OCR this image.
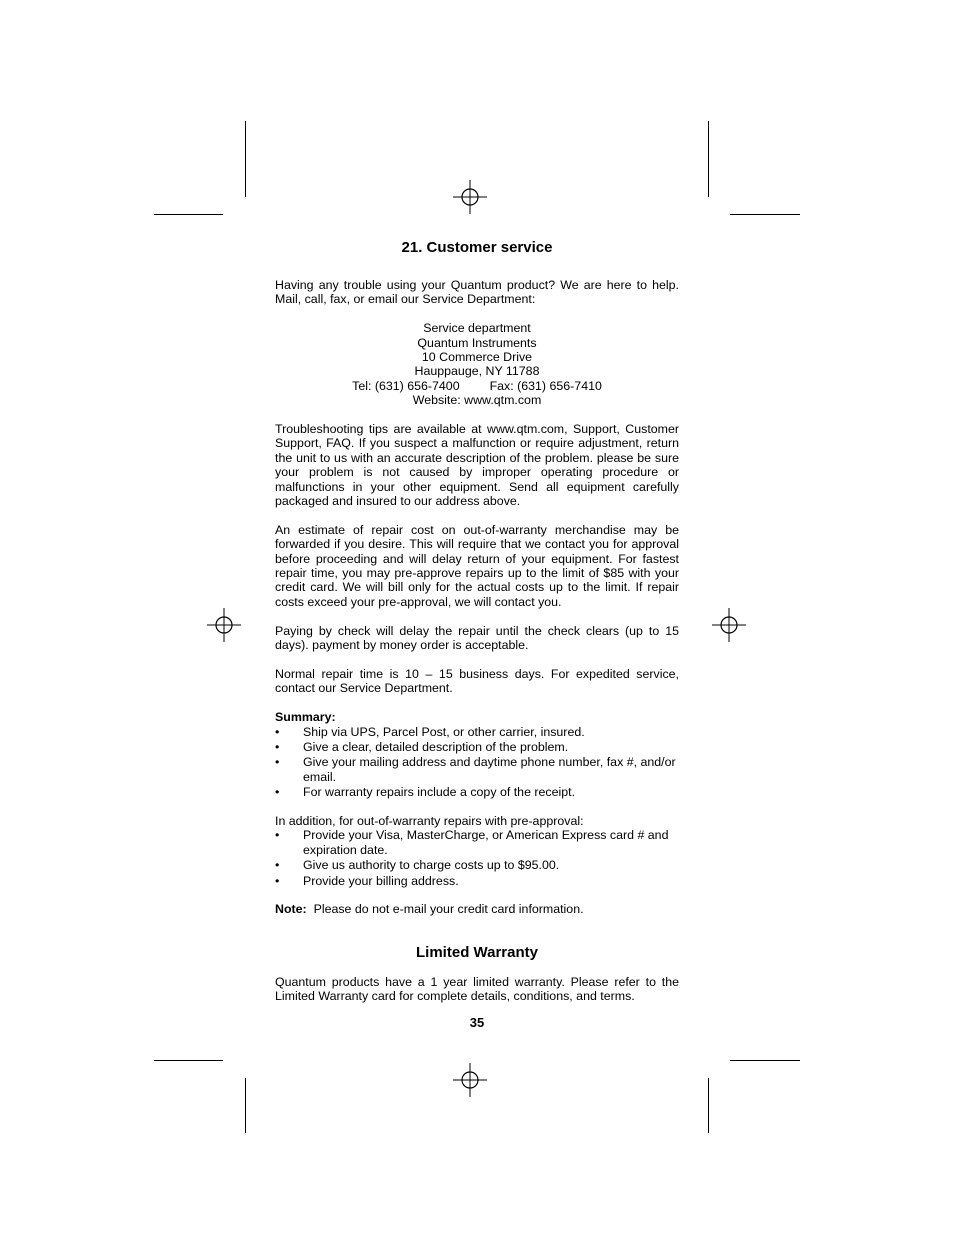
21. Customer service

Having any trouble using your Quantum product? We are here to help. Mail, call, fax, or email our Service Department:

Service department
Quantum Instruments
10 Commerce Drive
Hauppauge, NY 11788
Tel: (631) 656-7400 Fax: (631) 656-7410
Website: www.qtm.com

Troubleshooting tips are available at www.qtm.com, Support, Customer Support, FAQ. If you suspect a malfunction or require adjustment, return the unit to us with an accurate description of the problem. please be sure your problem is not caused by improper operating procedure or malfunctions in your other equipment. Send all equipment carefully packaged and insured to our address above.

An estimate of repair cost on out-of-warranty merchandise may be forwarded if you desire. This will require that we contact you for approval before proceeding and will delay return of your equipment. For fastest repair time, you may pre-approve repairs up to the limit of $85 with your credit card. We will bill only for the actual costs up to the limit. If repair costs exceed your pre-approval, we will contact you.

Paying by check will delay the repair until the check clears (up to 15 days). payment by money order is acceptable.

Normal repair time is 10 – 15 business days. For expedited service, contact our Service Department.

Summary:

• Ship via UPS, Parcel Post, or other carrier, insured.
• Give a clear, detailed description of the problem.
• Give your mailing address and daytime phone number, fax #, and/or email.
• For warranty repairs include a copy of the receipt.

In addition, for out-of-warranty repairs with pre-approval:

• Provide your Visa, MasterCharge, or American Express card # and expiration date.
• Give us authority to charge costs up to $95.00.
• Provide your billing address.

Note: Please do not e-mail your credit card information.

Limited Warranty

Quantum products have a 1 year limited warranty. Please refer to the Limited Warranty card for complete details, conditions, and terms.

35
